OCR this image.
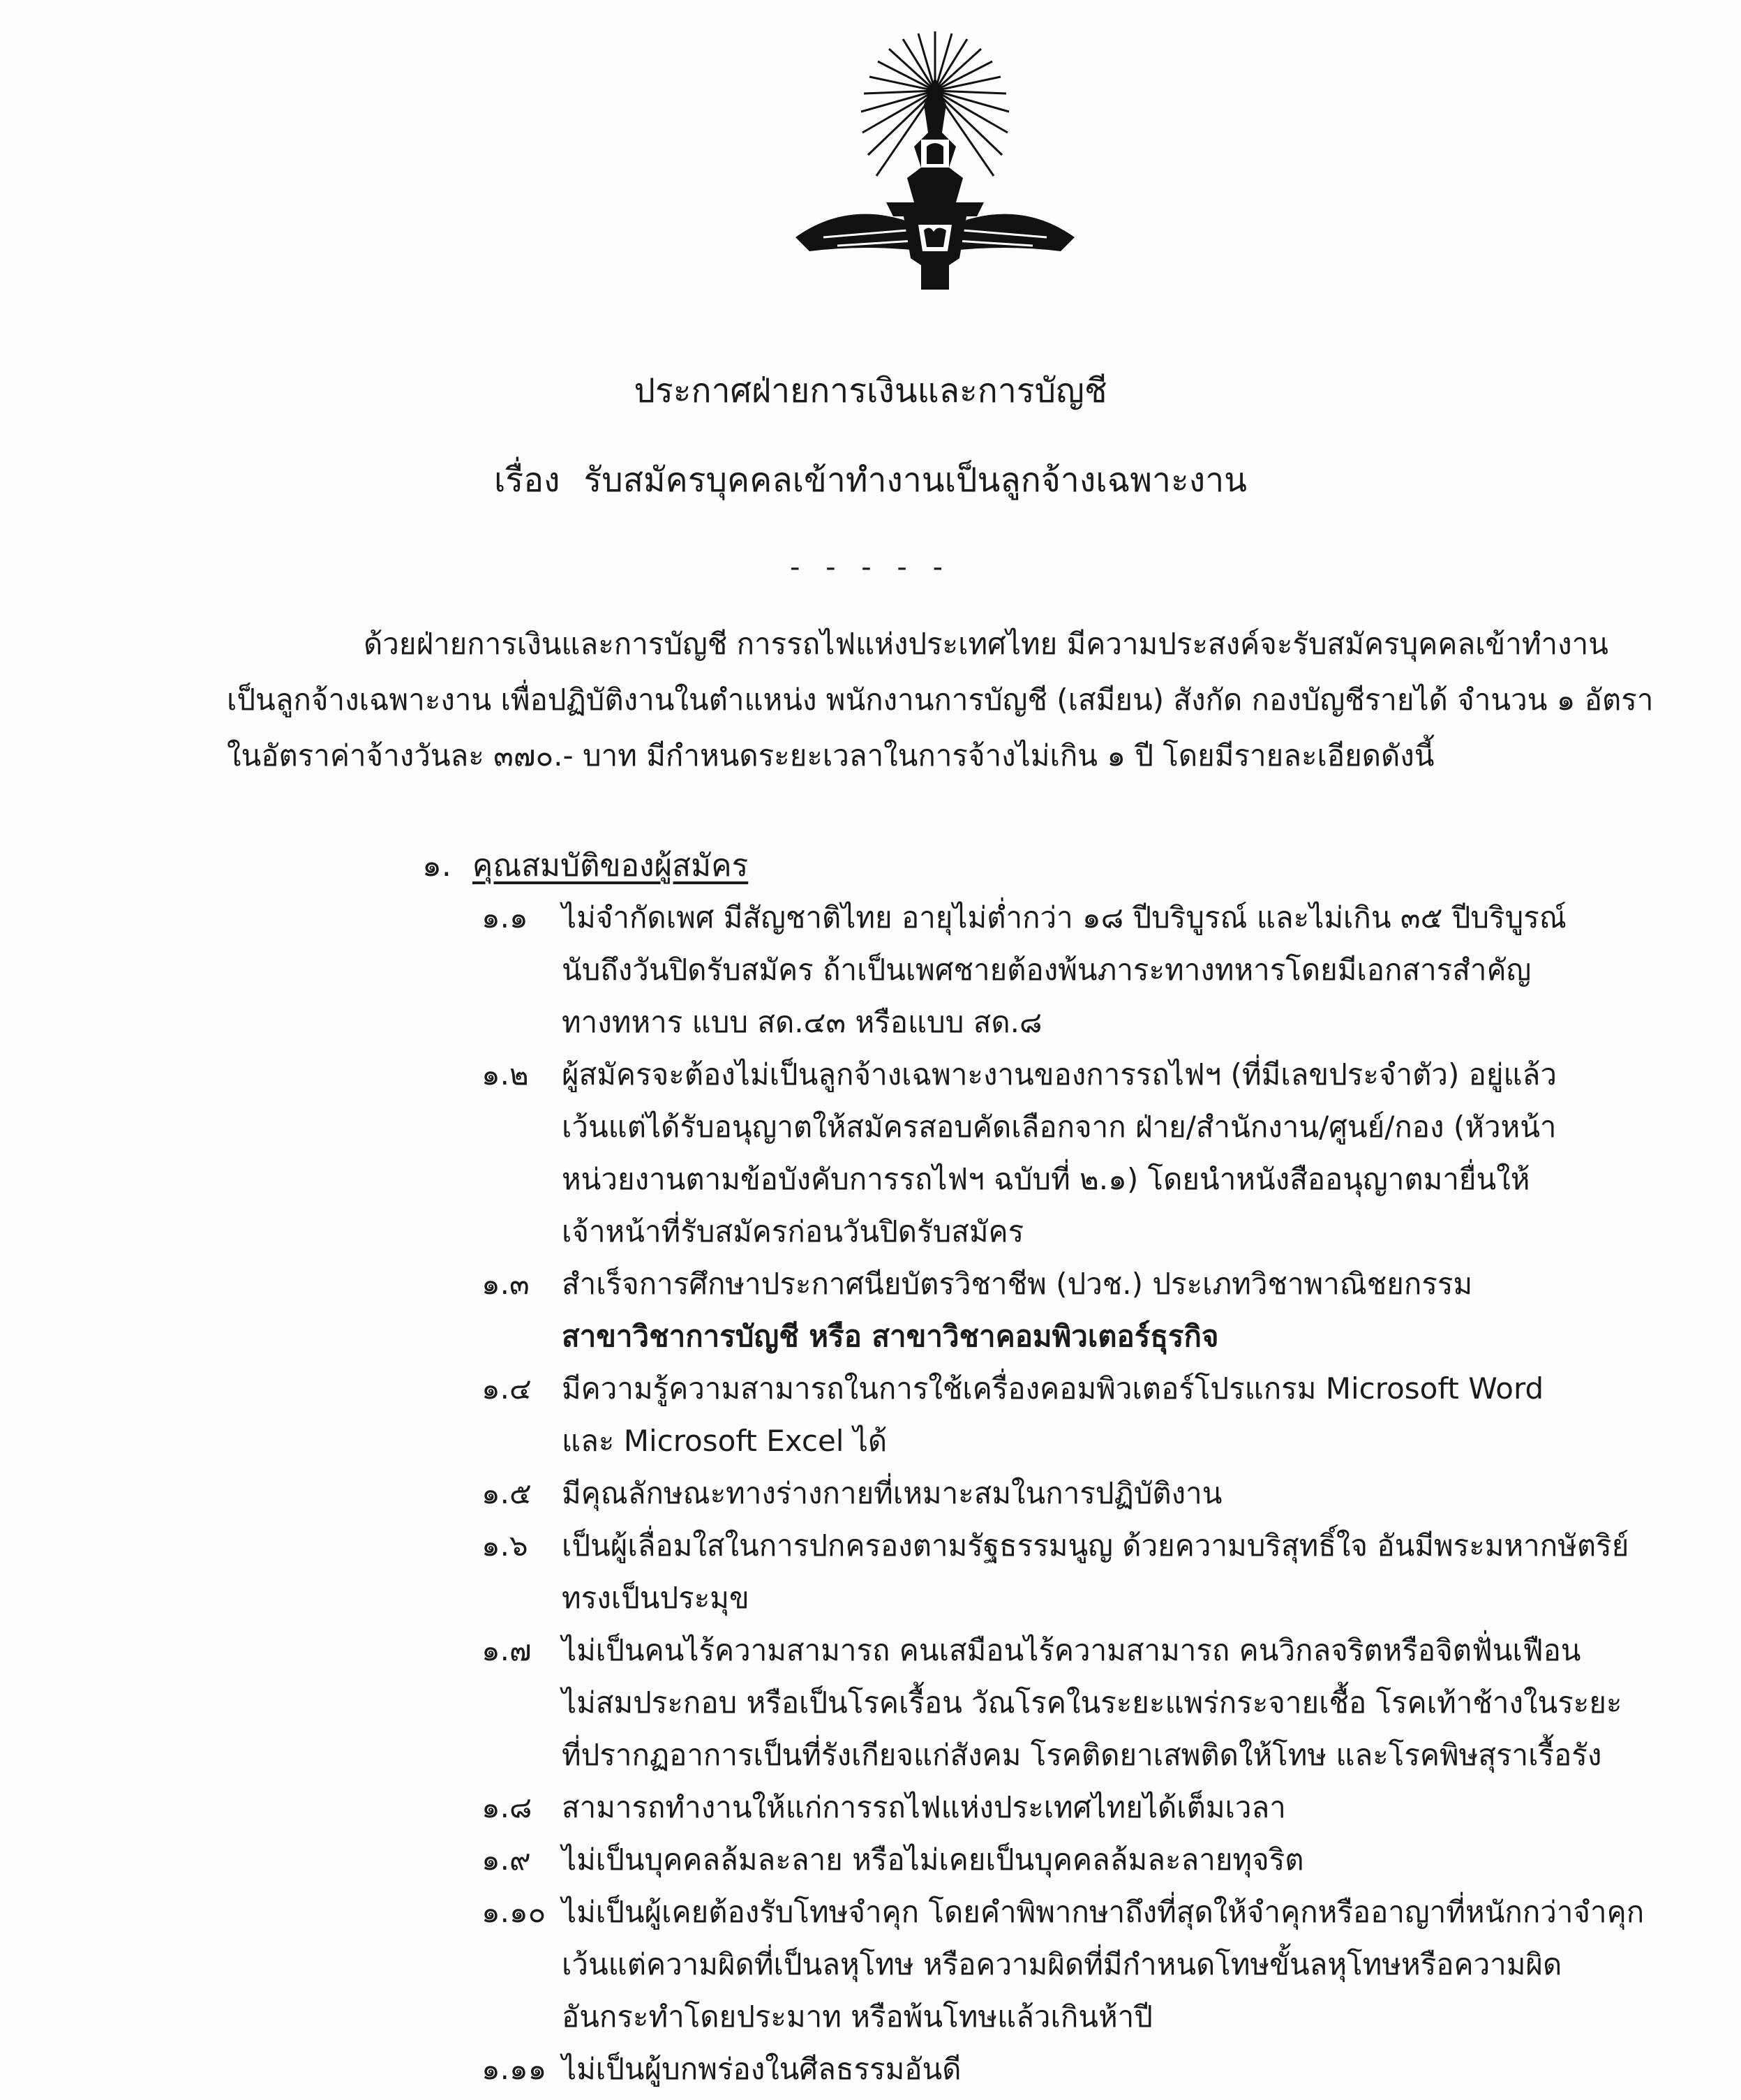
ประกาศฝ่ายการเงินและการบัญชี
เรื่อง รับสมัครบุคคลเข้าทำงานเป็นลูกจ้างเฉพาะงาน
- - - - -
ด้วยฝ่ายการเงินและการบัญชี การรถไฟแห่งประเทศไทย มีความประสงค์จะรับสมัครบุคคลเข้าทำงาน
เป็นลูกจ้างเฉพาะงาน เพื่อปฏิบัติงานในตำแหน่ง พนักงานการบัญชี (เสมียน) สังกัด กองบัญชีรายได้ จำนวน ๑ อัตรา
ในอัตราค่าจ้างวันละ ๓๗๐.- บาท มีกำหนดระยะเวลาในการจ้างไม่เกิน ๑ ปี โดยมีรายละเอียดดังนี้
๑. คุณสมบัติของผู้สมัคร
๑.๑ ไม่จำกัดเพศ มีสัญชาติไทย อายุไม่ต่ำกว่า ๑๘ ปีบริบูรณ์ และไม่เกิน ๓๕ ปีบริบูรณ์
นับถึงวันปิดรับสมัคร ถ้าเป็นเพศชายต้องพ้นภาระทางทหารโดยมีเอกสารสำคัญ
ทางทหาร แบบ สด.๔๓ หรือแบบ สด.๘
๑.๒ ผู้สมัครจะต้องไม่เป็นลูกจ้างเฉพาะงานของการรถไฟฯ (ที่มีเลขประจำตัว) อยู่แล้ว
เว้นแต่ได้รับอนุญาตให้สมัครสอบคัดเลือกจาก ฝ่าย/สำนักงาน/ศูนย์/กอง (หัวหน้า
หน่วยงานตามข้อบังคับการรถไฟฯ ฉบับที่ ๒.๑) โดยนำหนังสืออนุญาตมายื่นให้
เจ้าหน้าที่รับสมัครก่อนวันปิดรับสมัคร
๑.๓ สำเร็จการศึกษาประกาศนียบัตรวิชาชีพ (ปวช.) ประเภทวิชาพาณิชยกรรม
สาขาวิชาการบัญชี หรือ สาขาวิชาคอมพิวเตอร์ธุรกิจ
๑.๔ มีความรู้ความสามารถในการใช้เครื่องคอมพิวเตอร์โปรแกรม Microsoft Word
และ Microsoft Excel ได้
๑.๕ มีคุณลักษณะทางร่างกายที่เหมาะสมในการปฏิบัติงาน
๑.๖ เป็นผู้เลื่อมใสในการปกครองตามรัฐธรรมนูญ ด้วยความบริสุทธิ์ใจ อันมีพระมหากษัตริย์
ทรงเป็นประมุข
๑.๗ ไม่เป็นคนไร้ความสามารถ คนเสมือนไร้ความสามารถ คนวิกลจริตหรือจิตฟั่นเฟือน
ไม่สมประกอบ หรือเป็นโรคเรื้อน วัณโรคในระยะแพร่กระจายเชื้อ โรคเท้าช้างในระยะ
ที่ปรากฏอาการเป็นที่รังเกียจแก่สังคม โรคติดยาเสพติดให้โทษ และโรคพิษสุราเรื้อรัง
๑.๘ สามารถทำงานให้แก่การรถไฟแห่งประเทศไทยได้เต็มเวลา
๑.๙ ไม่เป็นบุคคลล้มละลาย หรือไม่เคยเป็นบุคคลล้มละลายทุจริต
๑.๑๐ ไม่เป็นผู้เคยต้องรับโทษจำคุก โดยคำพิพากษาถึงที่สุดให้จำคุกหรืออาญาที่หนักกว่าจำคุก
เว้นแต่ความผิดที่เป็นลหุโทษ หรือความผิดที่มีกำหนดโทษขั้นลหุโทษหรือความผิด
อันกระทำโดยประมาท หรือพ้นโทษแล้วเกินห้าปี
๑.๑๑ ไม่เป็นผู้บกพร่องในศีลธรรมอันดี
